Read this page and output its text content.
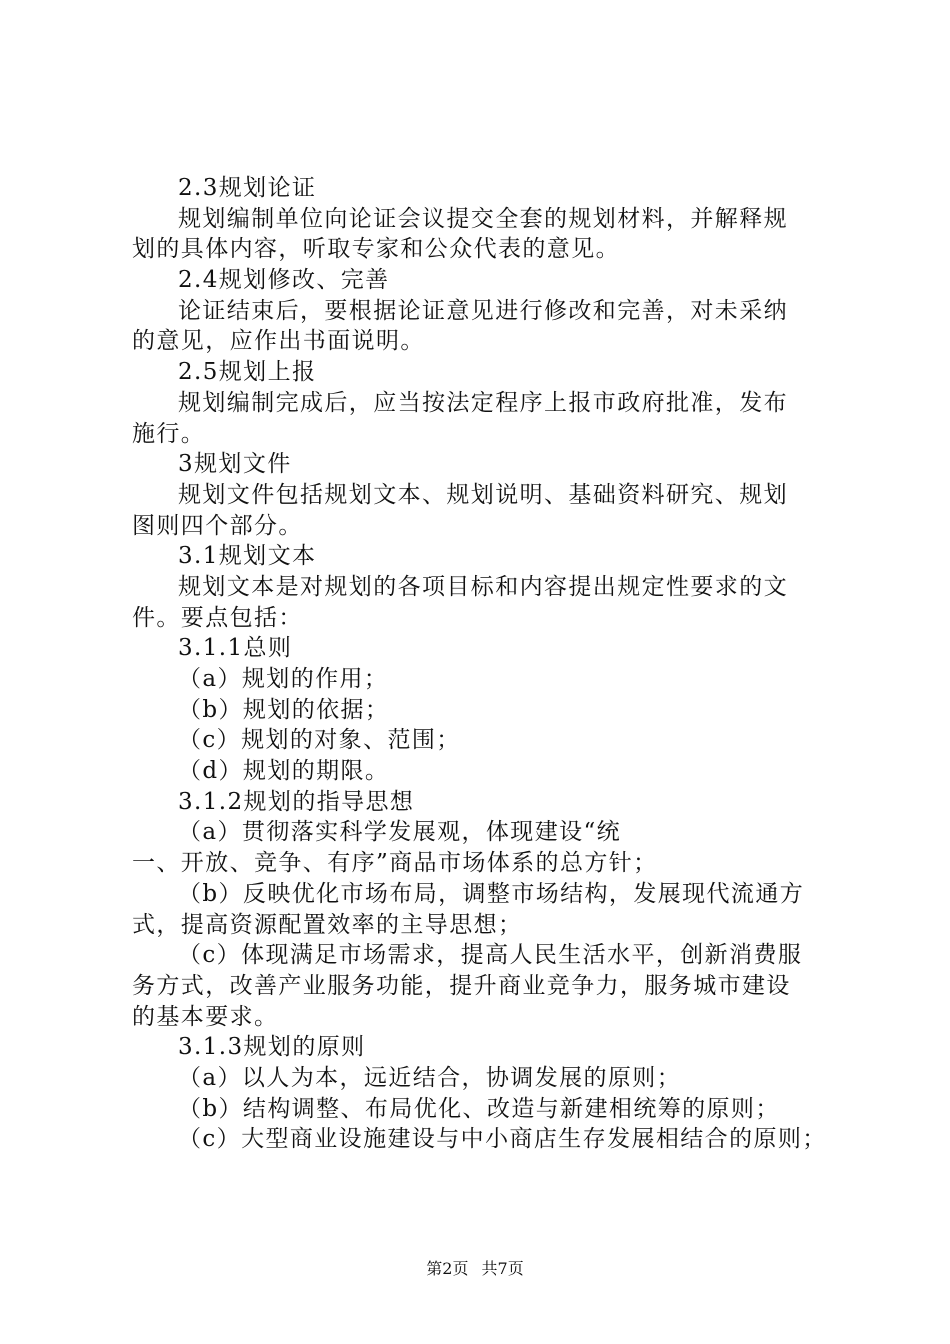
2.3规划论证
规划编制单位向论证会议提交全套的规划材料，并解释规
划的具体内容，听取专家和公众代表的意见。
2.4规划修改、完善
论证结束后，要根据论证意见进行修改和完善，对未采纳
的意见，应作出书面说明。
2.5规划上报
规划编制完成后，应当按法定程序上报市政府批准，发布
施行。
3规划文件
规划文件包括规划文本、规划说明、基础资料研究、规划
图则四个部分。
3.1规划文本
规划文本是对规划的各项目标和内容提出规定性要求的文
件。要点包括：
3.1.1总则
（a）规划的作用；
（b）规划的依据；
（c）规划的对象、范围；
（d）规划的期限。
3.1.2规划的指导思想
（a）贯彻落实科学发展观，体现建设“统
一、开放、竞争、有序”商品市场体系的总方针；
（b）反映优化市场布局，调整市场结构，发展现代流通方
式，提高资源配置效率的主导思想；
（c）体现满足市场需求，提高人民生活水平，创新消费服
务方式，改善产业服务功能，提升商业竞争力，服务城市建设
的基本要求。
3.1.3规划的原则
（a）以人为本，远近结合，协调发展的原则；
（b）结构调整、布局优化、改造与新建相统筹的原则；
（c）大型商业设施建设与中小商店生存发展相结合的原则；
第2页 共7页
